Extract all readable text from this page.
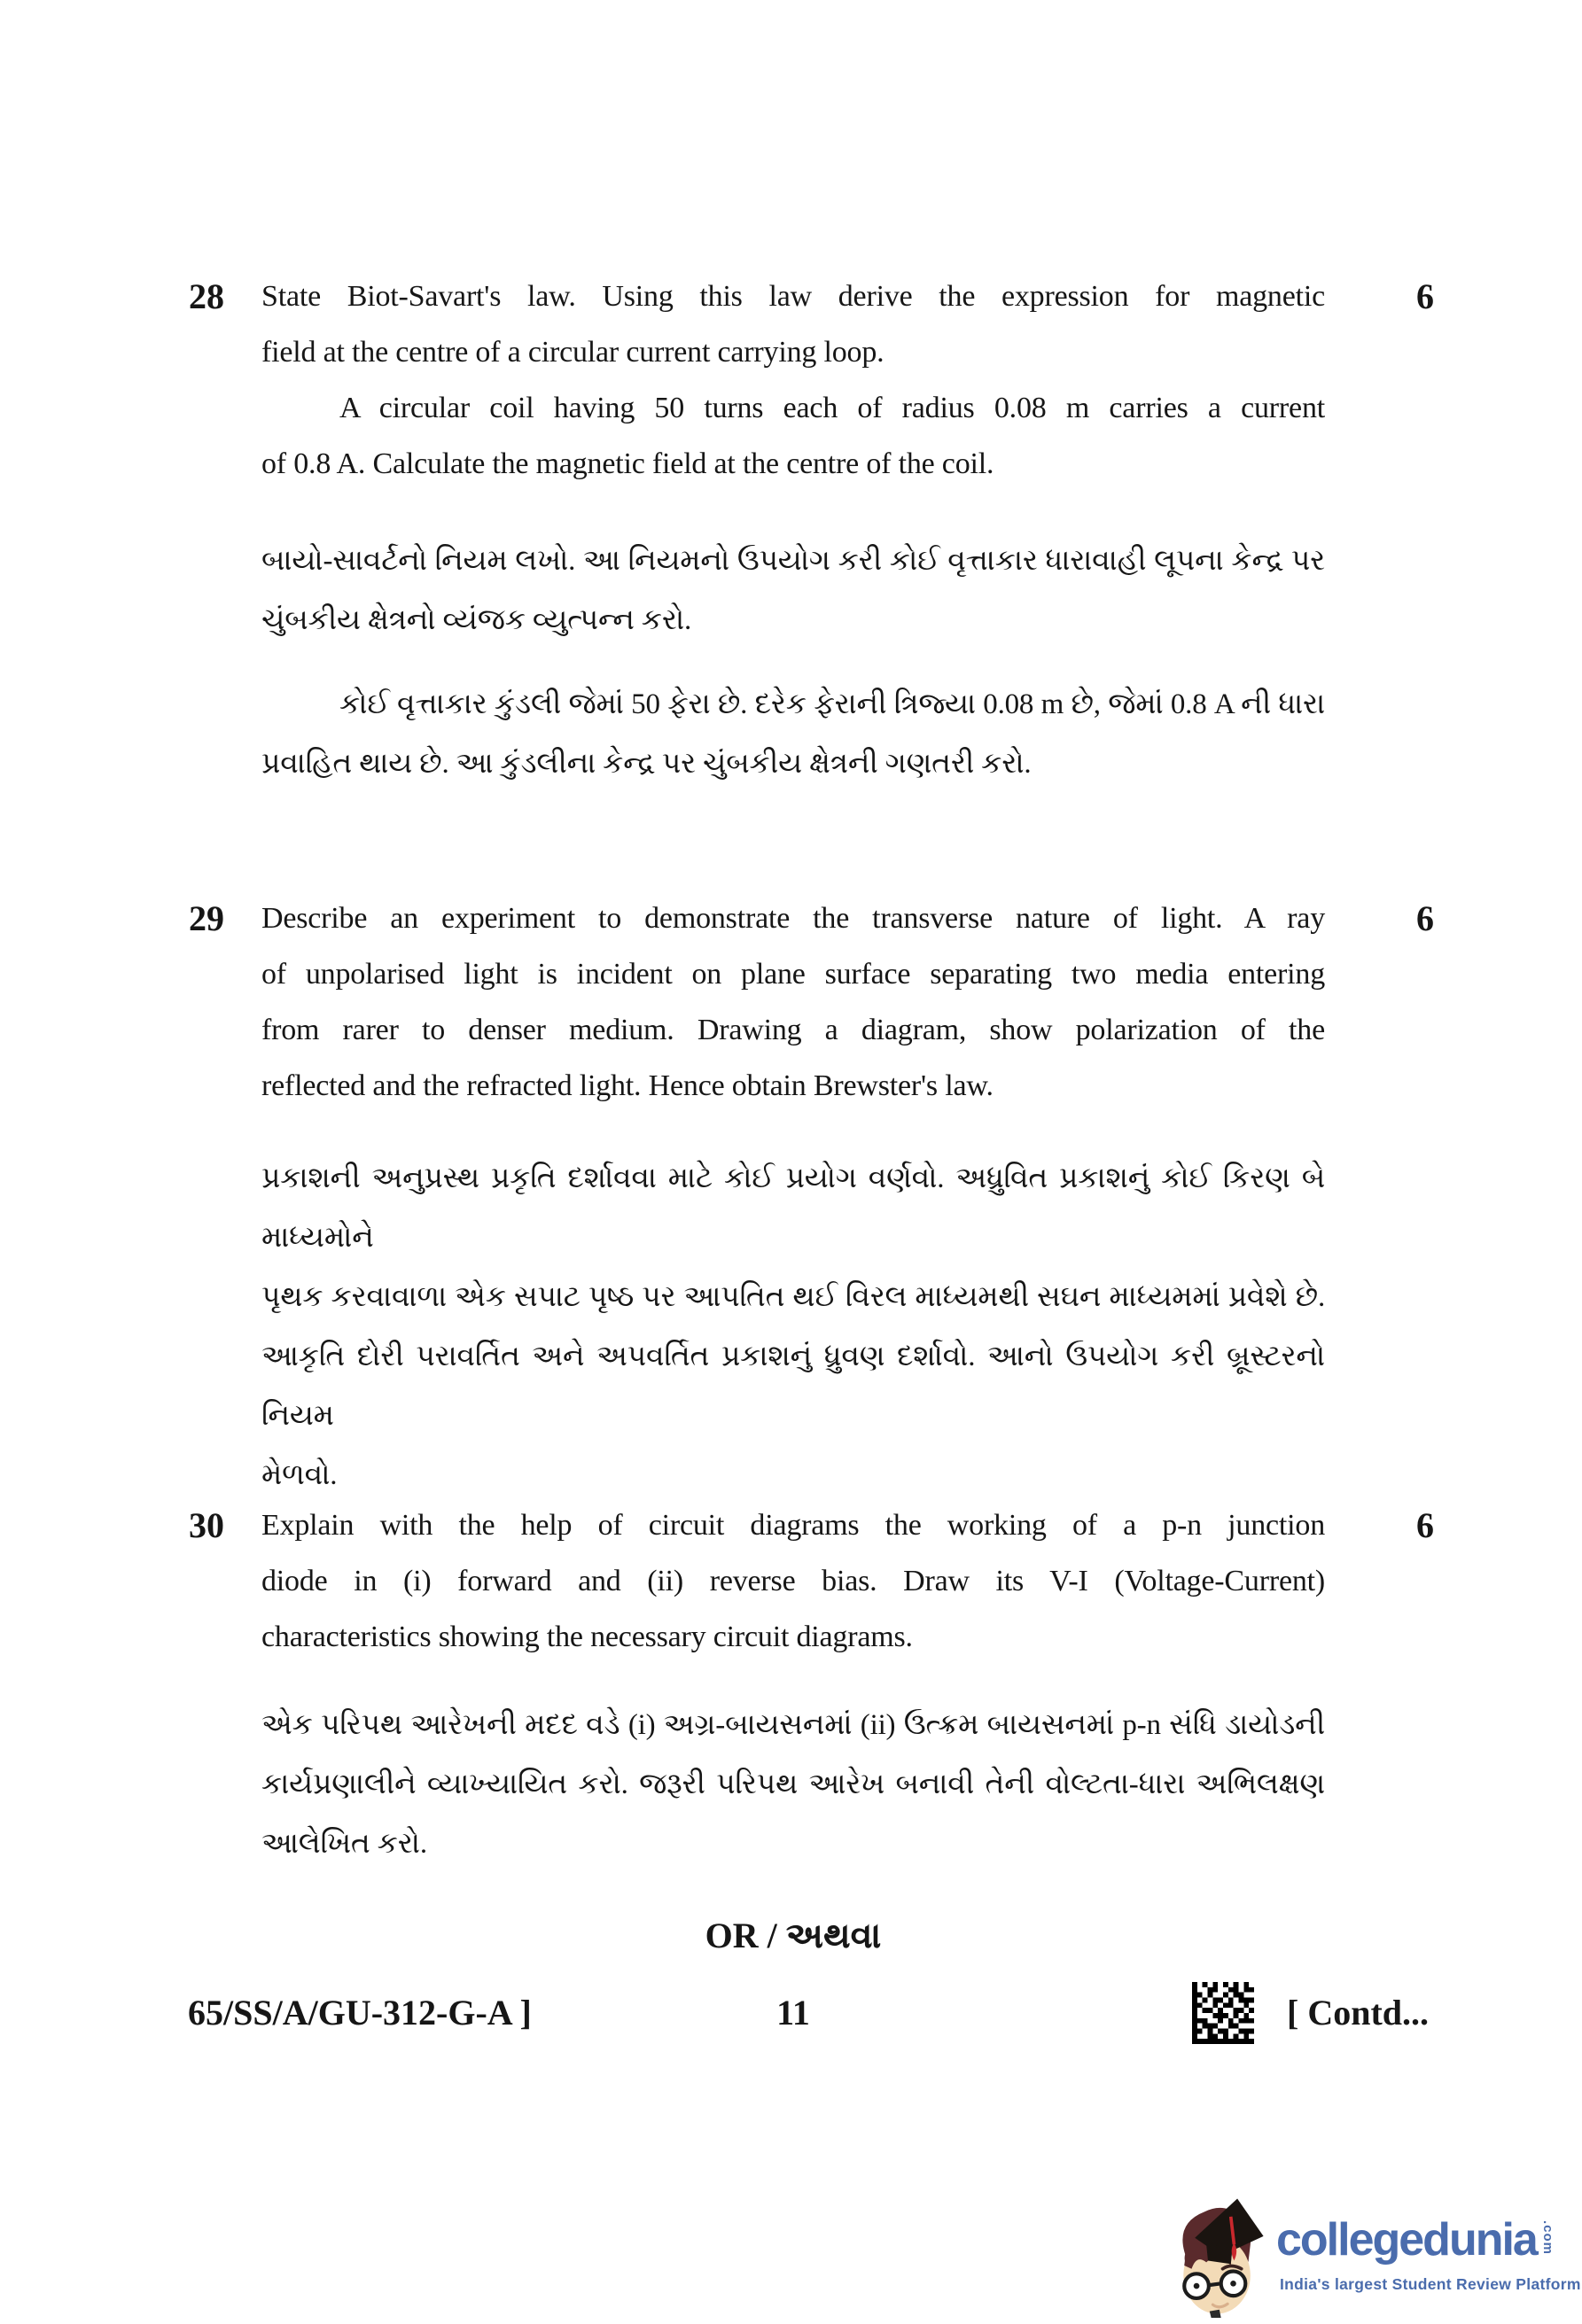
28	6
State Biot-Savart's law. Using this law derive the expression for magnetic
field at the centre of a circular current carrying loop.
A circular coil having 50 turns each of radius 0.08 m carries a current
of 0.8 A. Calculate the magnetic field at the centre of the coil.
બાયો-સાવર્ટનો નિયમ લખો. આ નિયમનો ઉપયોગ કરી કોઈ વૃત્તાકાર ધારાવાહી લૂપના કેન્દ્ર પર
ચુંબકીય ક્ષેત્રનો વ્યંજક વ્યુત્પન્ન કરો.
કોઈ વૃત્તાકાર કુંડલી જેમાં 50 ફેરા છે. દરેક ફેરાની ત્રિજ્યા 0.08 m છે, જેમાં 0.8 A ની ધારા
પ્રવાહિત થાય છે. આ કુંડલીના કેન્દ્ર પર ચુંબકીય ક્ષેત્રની ગણતરી કરો.
29	6
Describe an experiment to demonstrate the transverse nature of light. A ray
of unpolarised light is incident on plane surface separating two media entering
from rarer to denser medium. Drawing a diagram, show polarization of the
reflected and the refracted light. Hence obtain Brewster's law.
પ્રકાશની અનુપ્રસ્થ પ્રકૃતિ દર્શાવવા માટે કોઈ પ્રયોગ વર્ણવો. અધ્રુવિત પ્રકાશનું કોઈ કિરણ બે માધ્યમોને
પૃથક કરવાવાળા એક સપાટ પૃષ્ઠ પર આપતિત થઈ વિરલ માધ્યમથી સઘન માધ્યમમાં પ્રવેશે છે.
આકૃતિ દોરી પરાવર્તિત અને અપવર્તિત પ્રકાશનું ધ્રુવણ દર્શાવો. આનો ઉપયોગ કરી બ્રૂસ્ટરનો નિયમ
મેળવો.
30	6
Explain with the help of circuit diagrams the working of a p-n junction
diode in (i) forward and (ii) reverse bias. Draw its V-I (Voltage-Current)
characteristics showing the necessary circuit diagrams.
એક પરિપથ આરેખની મદદ વડે (i) અગ્ર-બાયસનમાં (ii) ઉત્ક્રમ બાયસનમાં p-n સંધિ ડાયોડની
કાર્યપ્રણાલીને વ્યાખ્યાયિત કરો. જરૂરી પરિપથ આરેખ બનાવી તેની વોલ્ટતા-ધારા અભિલક્ષણ
આલેખિત કરો.
OR / અથવા
65/SS/A/GU-312-G-A ]	11	[ Contd...
collegedunia .com
India's largest Student Review Platform
